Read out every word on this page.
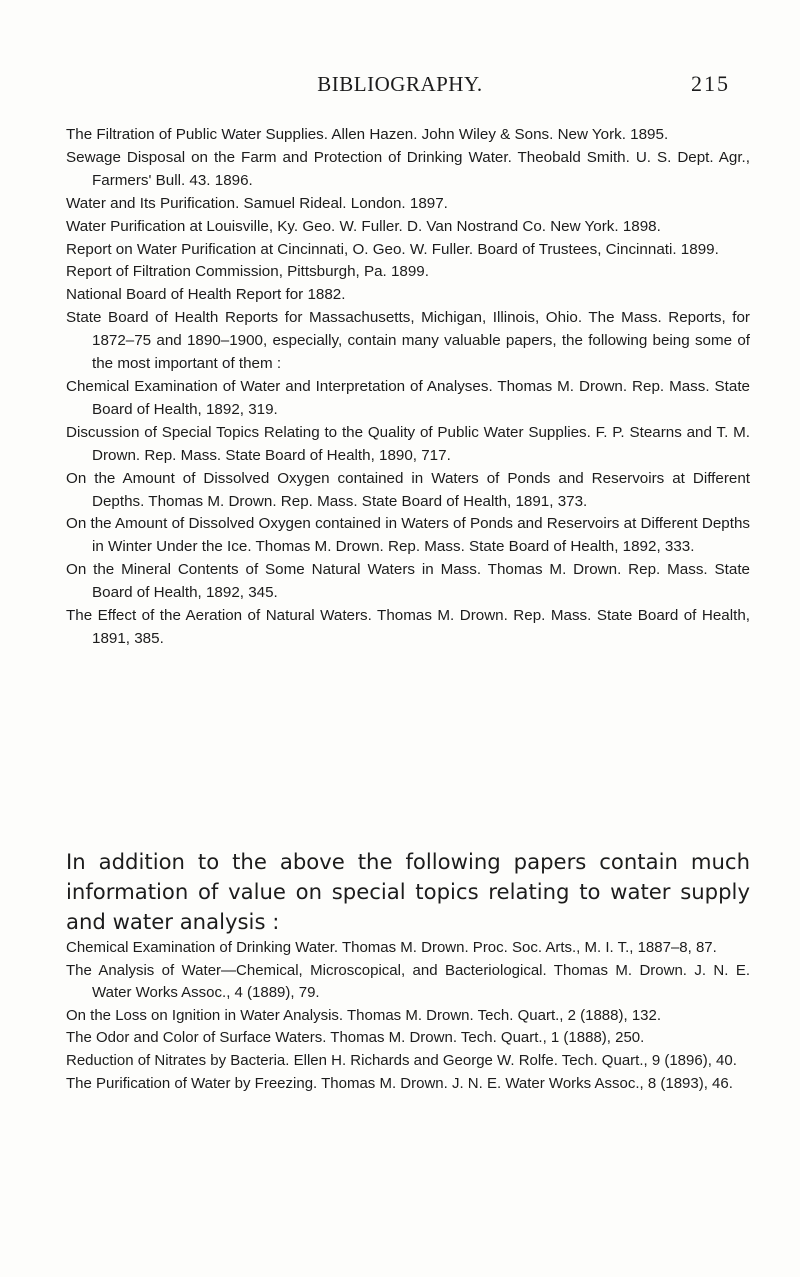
BIBLIOGRAPHY.	215
The Filtration of Public Water Supplies. Allen Hazen. John Wiley & Sons. New York. 1895.
Sewage Disposal on the Farm and Protection of Drinking Water. Theobald Smith. U. S. Dept. Agr., Farmers' Bull. 43. 1896.
Water and Its Purification. Samuel Rideal. London. 1897.
Water Purification at Louisville, Ky. Geo. W. Fuller. D. Van Nostrand Co. New York. 1898.
Report on Water Purification at Cincinnati, O. Geo. W. Fuller. Board of Trustees, Cincinnati. 1899.
Report of Filtration Commission, Pittsburgh, Pa. 1899.
National Board of Health Report for 1882.
State Board of Health Reports for Massachusetts, Michigan, Illinois, Ohio. The Mass. Reports, for 1872–75 and 1890–1900, especially, contain many valuable papers, the following being some of the most important of them :
Chemical Examination of Water and Interpretation of Analyses. Thomas M. Drown. Rep. Mass. State Board of Health, 1892, 319.
Discussion of Special Topics Relating to the Quality of Public Water Supplies. F. P. Stearns and T. M. Drown. Rep. Mass. State Board of Health, 1890, 717.
On the Amount of Dissolved Oxygen contained in Waters of Ponds and Reservoirs at Different Depths. Thomas M. Drown. Rep. Mass. State Board of Health, 1891, 373.
On the Amount of Dissolved Oxygen contained in Waters of Ponds and Reservoirs at Different Depths in Winter Under the Ice. Thomas M. Drown. Rep. Mass. State Board of Health, 1892, 333.
On the Mineral Contents of Some Natural Waters in Mass. Thomas M. Drown. Rep. Mass. State Board of Health, 1892, 345.
The Effect of the Aeration of Natural Waters. Thomas M. Drown. Rep. Mass. State Board of Health, 1891, 385.

In addition to the above the following papers contain much information of value on special topics relating to water supply and water analysis :

Chemical Examination of Drinking Water. Thomas M. Drown. Proc. Soc. Arts., M. I. T., 1887–8, 87.
The Analysis of Water—Chemical, Microscopical, and Bacteriological. Thomas M. Drown. J. N. E. Water Works Assoc., 4 (1889), 79.
On the Loss on Ignition in Water Analysis. Thomas M. Drown. Tech. Quart., 2 (1888), 132.
The Odor and Color of Surface Waters. Thomas M. Drown. Tech. Quart., 1 (1888), 250.
Reduction of Nitrates by Bacteria. Ellen H. Richards and George W. Rolfe. Tech. Quart., 9 (1896), 40.
The Purification of Water by Freezing. Thomas M. Drown. J. N. E. Water Works Assoc., 8 (1893), 46.
